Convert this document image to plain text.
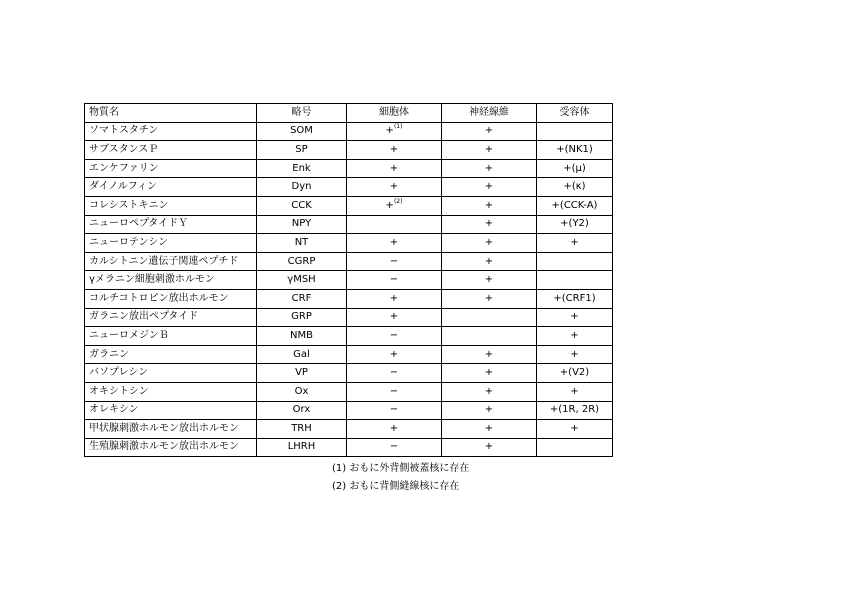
物質名	略号	細胞体	神経線維	受容体
ソマトスタチン	SOM	+$^{(1)}$	+	
サブスタンスＰ	SP	+	+	+(NK1)
エンケファリン	Enk	+	+	+(μ)
ダイノルフィン	Dyn	+	+	+(κ)
コレシストキニン	CCK	+$^{(2)}$	+	+(CCK-A)
ニューロペプタイドＹ	NPY		+	+(Y2)
ニューロテンシン	NT	+	+	+
カルシトニン遺伝子関連ペプチド	CGRP	−	+	
γメラニン細胞刺激ホルモン	γMSH	−	+	
コルチコトロピン放出ホルモン	CRF	+	+	+(CRF1)
ガラニン放出ペプタイド	GRP	+		+
ニューロメジンＢ	NMB	−		+
ガラニン	Gal	+	+	+
バソプレシン	VP	−	+	+(V2)
オキシトシン	Ox	−	+	+
オレキシン	Orx	−	+	+(1R, 2R)
甲状腺刺激ホルモン放出ホルモン	TRH	+	+	+
生殖腺刺激ホルモン放出ホルモン	LHRH	−	+	
(1) おもに外背側被蓋核に存在
(2) おもに背側縫線核に存在
